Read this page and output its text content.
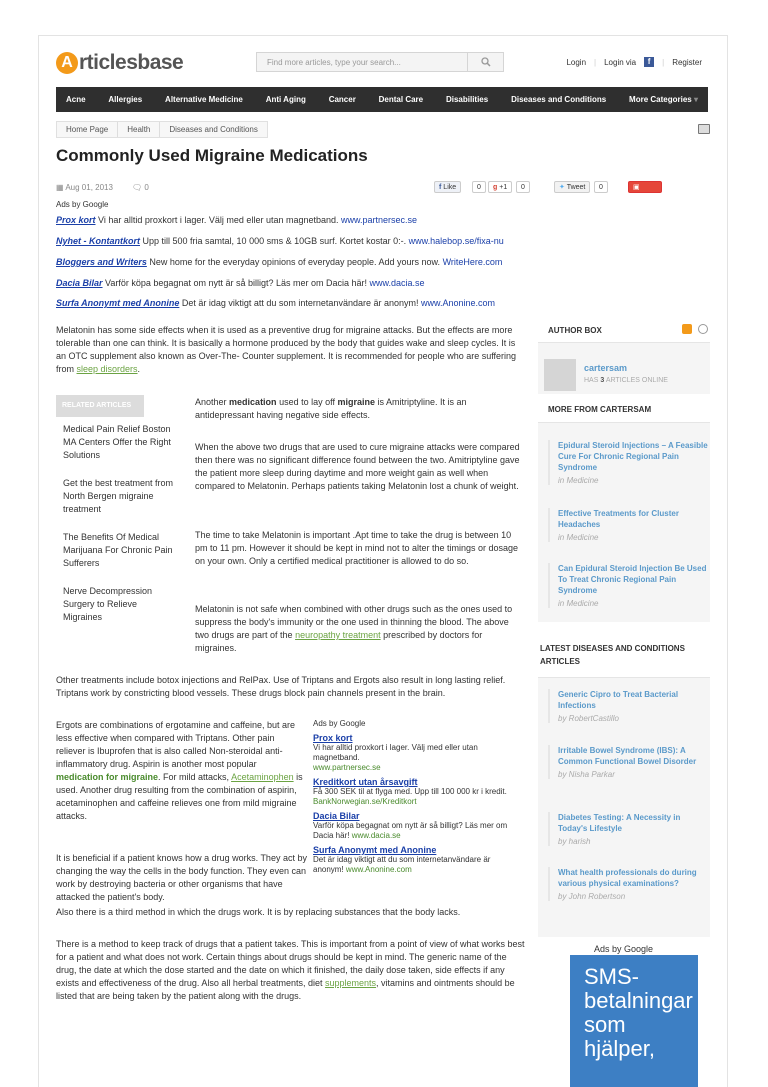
A rticlesbase	Find more articles, type your search...	Login | Login via	f	| Register
Acne	Allergies	Alternative Medicine	Anti Aging	Cancer	Dental Care	Disabilities	Diseases and Conditions	More Categories ▾
Home Page	Health	Diseases and Conditions
Commonly Used Migraine Medications
▦ Aug 01, 2013 🗨 0	f Like	0	g +1	0	✦ Tweet	0	▣ Share
Ads by Google
Prox kort Vi har alltid proxkort i lager. Välj med eller utan magnetband. www.partnersec.se
Nyhet - Kontantkort Upp till 500 fria samtal, 10 000 sms & 10GB surf. Kortet kostar 0:-. www.halebop.se/fixa-nu
Bloggers and Writers New home for the everyday opinions of everyday people. Add yours now. WriteHere.com
Dacia Bilar Varför köpa begagnat om nytt är så billigt? Läs mer om Dacia här! www.dacia.se
Surfa Anonymt med Anonine Det är idag viktigt att du som internetanvändare är anonym! www.Anonine.com
Melatonin has some side effects when it is used as a preventive drug for migraine attacks. But the effects are more tolerable than one can think. It is basically a hormone produced by the body that guides wake and sleep cycles. It is an OTC supplement also known as Over-The- Counter supplement. It is recommended for people who are suffering from sleep disorders.
RELATED ARTICLES
Medical Pain Relief Boston MA Centers Offer the Right Solutions
Get the best treatment from North Bergen migraine treatment
The Benefits Of Medical Marijuana For Chronic Pain Sufferers
Nerve Decompression Surgery to Relieve Migraines
Another medication used to lay off migraine is Amitriptyline. It is an antidepressant having negative side effects.
When the above two drugs that are used to cure migraine attacks were compared then there was no significant difference found between the two. Amitriptyline gave the patient more sleep during daytime and more weight gain as well when compared to Melatonin. Perhaps patients taking Melatonin lost a chunk of weight.
The time to take Melatonin is important .Apt time to take the drug is between 10 pm to 11 pm. However it should be kept in mind not to alter the timings or dosage on your own. Only a certified medical practitioner is allowed to do so.
Melatonin is not safe when combined with other drugs such as the ones used to suppress the body's immunity or the one used in thinning the blood. The above two drugs are part of the neuropathy treatment prescribed by doctors for migraines.
Other treatments include botox injections and RelPax. Use of Triptans and Ergots also result in long lasting relief. Triptans work by constricting blood vessels. These drugs block pain channels present in the brain.
Ergots are combinations of ergotamine and caffeine, but are less effective when compared with Triptans. Other pain reliever is Ibuprofen that is also called Non-steroidal anti-inflammatory drug. Aspirin is another most popular medication for migraine. For mild attacks, Acetaminophen is used. Another drug resulting from the combination of aspirin, acetaminophen and caffeine relieves one from mild migraine attacks.
It is beneficial if a patient knows how a drug works. They act by changing the way the cells in the body function. They even can work by destroying bacteria or other organisms that have attacked the patient's body.
Also there is a third method in which the drugs work. It is by replacing substances that the body lacks.
There is a method to keep track of drugs that a patient takes. This is important from a point of view of what works best for a patient and what does not work. Certain things about drugs should be kept in mind. The generic name of the drug, the date at which the dose started and the date on which it finished, the daily dose taken, side effects if any exists and effectiveness of the drug. Also all herbal treatments, diet supplements, vitamins and ointments should be listed that are being taken by the patient along with the drugs.
Ads by Google
Prox kort
Vi har alltid proxkort i lager. Välj med eller utan magnetband.
www.partnersec.se
Kreditkort utan årsavgift
Få 300 SEK til at flyga med. Upp till 100 000 kr i kredit. BankNorwegian.se/Kreditkort
Dacia Bilar
Varför köpa begagnat om nytt är så billigt? Läs mer om Dacia här! www.dacia.se
Surfa Anonymt med Anonine
Det är idag viktigt att du som internetanvändare är anonym! www.Anonine.com
AUTHOR BOX
cartersam
HAS 3 ARTICLES ONLINE
MORE FROM CARTERSAM
Epidural Steroid Injections – A Feasible Cure For Chronic Regional Pain Syndrome
in Medicine
Effective Treatments for Cluster Headaches
in Medicine
Can Epidural Steroid Injection Be Used To Treat Chronic Regional Pain Syndrome
in Medicine
LATEST DISEASES AND CONDITIONS ARTICLES
Generic Cipro to Treat Bacterial Infections
by RobertCastillo
Irritable Bowel Syndrome (IBS): A Common Functional Bowel Disorder
by Nisha Parkar
Diabetes Testing: A Necessity in Today's Lifestyle
by harish
What health professionals do during various physical examinations?
by John Robertson
Ads by Google
SMS-betalningar som hjälper,
